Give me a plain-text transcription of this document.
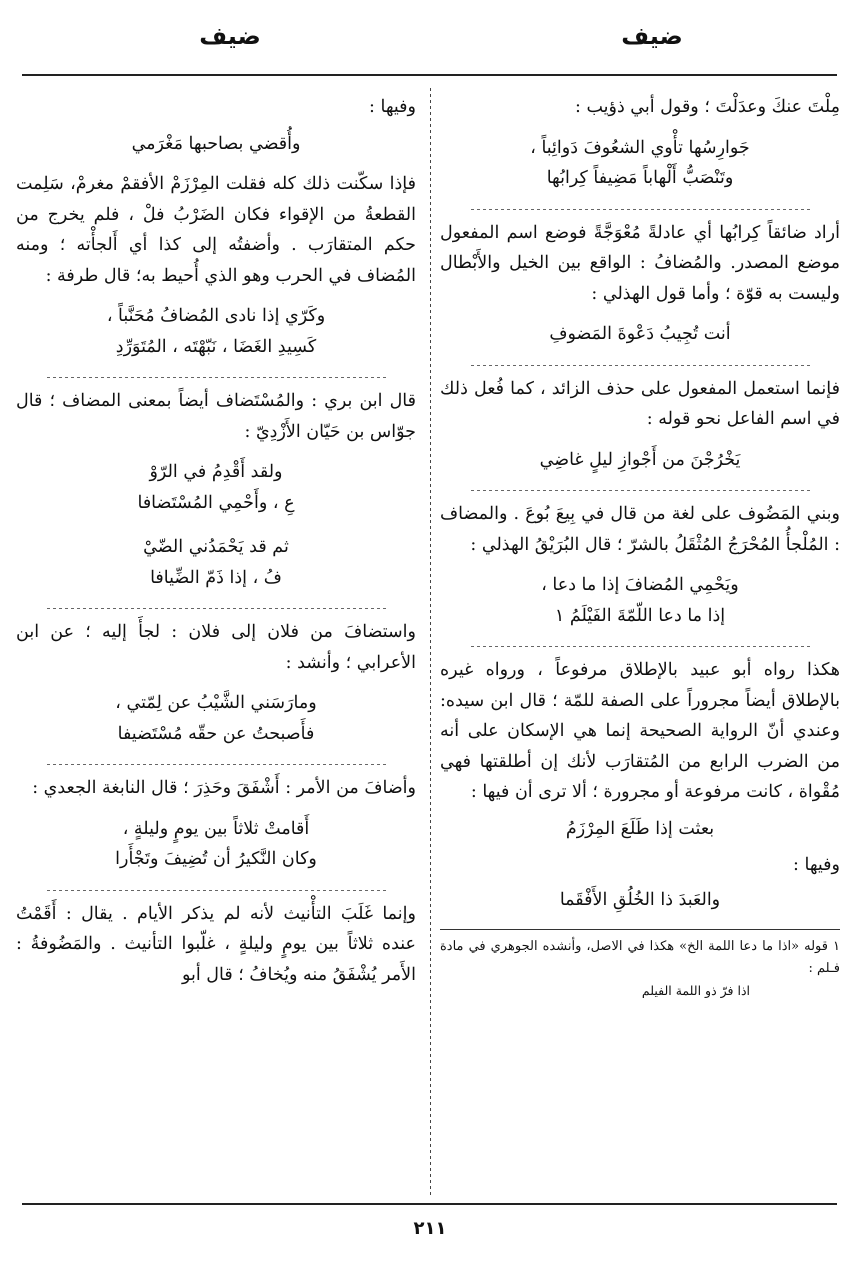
ضيف
ضيف

مِلْتَ عنكَ وعدَلْتَ ؛ وقول أبي ذؤيب :

جَوارِسُها تأْوي الشعُوفَ دَوائِباً ،

وتَنْصَبُّ أَلْهاباً مَضِيفاً كِرابُها

أراد ضائقاً كِرابُها أي عادلةً مُعْوَجَّةً فوضع اسم المفعول موضع المصدر. والمُضافُ : الواقع بين الخيل والأَبْطال وليست به قوّة ؛ وأما قول الهذلي :

أنت تُجِيبُ دَعْوةَ المَضوفِ

فإنما استعمل المفعول على حذف الزائد ، كما فُعل ذلك في اسم الفاعل نحو قوله :

يَخْرُجْنَ من أَجْوازِ ليلٍ غاضِي

وبني المَضُوف على لغة من قال في بِيعَ بُوعَ . والمضاف : المُلْجأُ المُحْرَجُ المُثْقَلُ بالشرّ ؛ قال البُرَيْقُ الهذلي :

ويَحْمِي المُضافَ إذا ما دعا ،

إذا ما دعا اللّمّةَ الفَيْلَمُ ١

هكذا رواه أبو عبيد بالإطلاق مرفوعاً ، ورواه غيره بالإطلاق أيضاً مجروراً على الصفة للمّة ؛ قال ابن سيده: وعندي أنّ الرواية الصحيحة إنما هي الإسكان على أنه من الضرب الرابع من المُتقارَب لأنك إن أطلقتها فهي مُقْواة ، كانت مرفوعة أو مجرورة ؛ ألا ترى أن فيها :

بعثت إذا طَلَعَ المِرْزَمُ

وفيها :

والعَبدَ ذا الخُلُقِ الأَفْقَما

١ قوله «اذا ما دعا اللمة الخ» هكذا في الاصل، وأنشده الجوهري في مادة فـلم :

اذا فرّ ذو اللمة الفيلم

وفيها :

وأُقضي بصاحبها مَغْرَمي

فإذا سكّنت ذلك كله فقلت المِرْزَمْ الأفقمْ مغرمْ، سَلِمت القطعةُ من الإقواء فكان الضَرْبُ فلْ ، فلم يخرج من حكم المتقارَب . وأضفتُه إلى كذا أي أَلجأْته ؛ ومنه المُضاف في الحرب وهو الذي أُحيط به؛ قال طرفة :

وكَرّي إذا نادى المُضافُ مُحَنَّباً ،

كَسِيدِ الغَضَا ، نَبّهْتَه ، المُتَوَرِّدِ

قال ابن بري : والمُسْتَضاف أيضاً بمعنى المضاف ؛ قال جوّاس بن حَيّان الأَزْدِيّ :

ولقد أَقْدِمُ في الرّوْ

عِ ، وأَحْمِي المُسْتَضافا

ثم قد يَحْمَدُني الضّيْ

فُ ، إذا ذَمّ الضِّيافا

واستضافَ من فلان إلى فلان : لجأَ إليه ؛ عن ابن الأعرابي ؛ وأنشد :

ومارَسَني الشَّيْبُ عن لِمّتي ،

فأَصبحتُ عن حقّه مُسْتَضيفا

وأضافَ من الأمر : أَشْفَقَ وحَذِرَ ؛ قال النابغة الجعدي :

أَقامتْ ثلاثاً بين يومٍ وليلةٍ ،

وكان النَّكيرُ أن تُضِيفَ وتَجْأَرا

وإنما غَلَبَ التأْنيث لأنه لم يذكر الأيام . يقال : أَقَمْتُ عنده ثلاثاً بين يومٍ وليلةٍ ، غلّبوا التأنيث . والمَضُوفةُ : الأَمر يُشْفَقُ منه ويُخافُ ؛ قال أبو

٢١١
